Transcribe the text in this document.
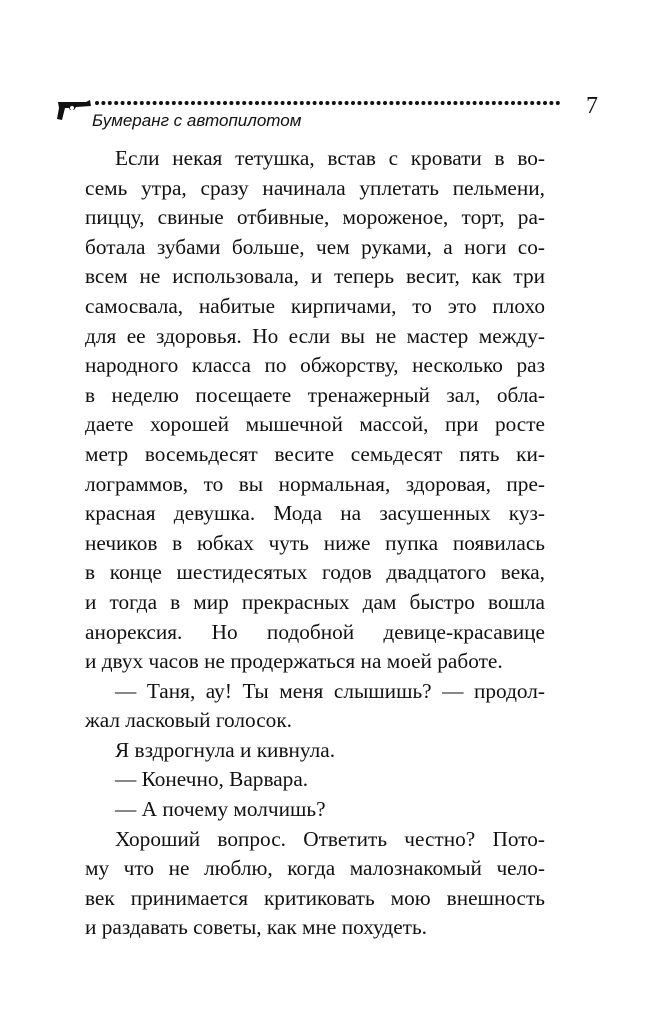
7
Бумеранг с автопилотом
Если некая тетушка, встав с кровати в во-
семь утра, сразу начинала уплетать пельмени,
пиццу, свиные отбивные, мороженое, торт, ра-
ботала зубами больше, чем руками, а ноги со-
всем не использовала, и теперь весит, как три
самосвала, набитые кирпичами, то это плохо
для ее здоровья. Но если вы не мастер между-
народного класса по обжорству, несколько раз
в неделю посещаете тренажерный зал, обла-
даете хорошей мышечной массой, при росте
метр восемьдесят весите семьдесят пять ки-
лограммов, то вы нормальная, здоровая, пре-
красная девушка. Мода на засушенных куз-
нечиков в юбках чуть ниже пупка появилась
в конце шестидесятых годов двадцатого века,
и тогда в мир прекрасных дам быстро вошла
анорексия. Но подобной девице-красавице
и двух часов не продержаться на моей работе.
— Таня, ау! Ты меня слышишь? — продол-
жал ласковый голосок.
Я вздрогнула и кивнула.
— Конечно, Варвара.
— А почему молчишь?
Хороший вопрос. Ответить честно? Пото-
му что не люблю, когда малознакомый чело-
век принимается критиковать мою внешность
и раздавать советы, как мне похудеть.
